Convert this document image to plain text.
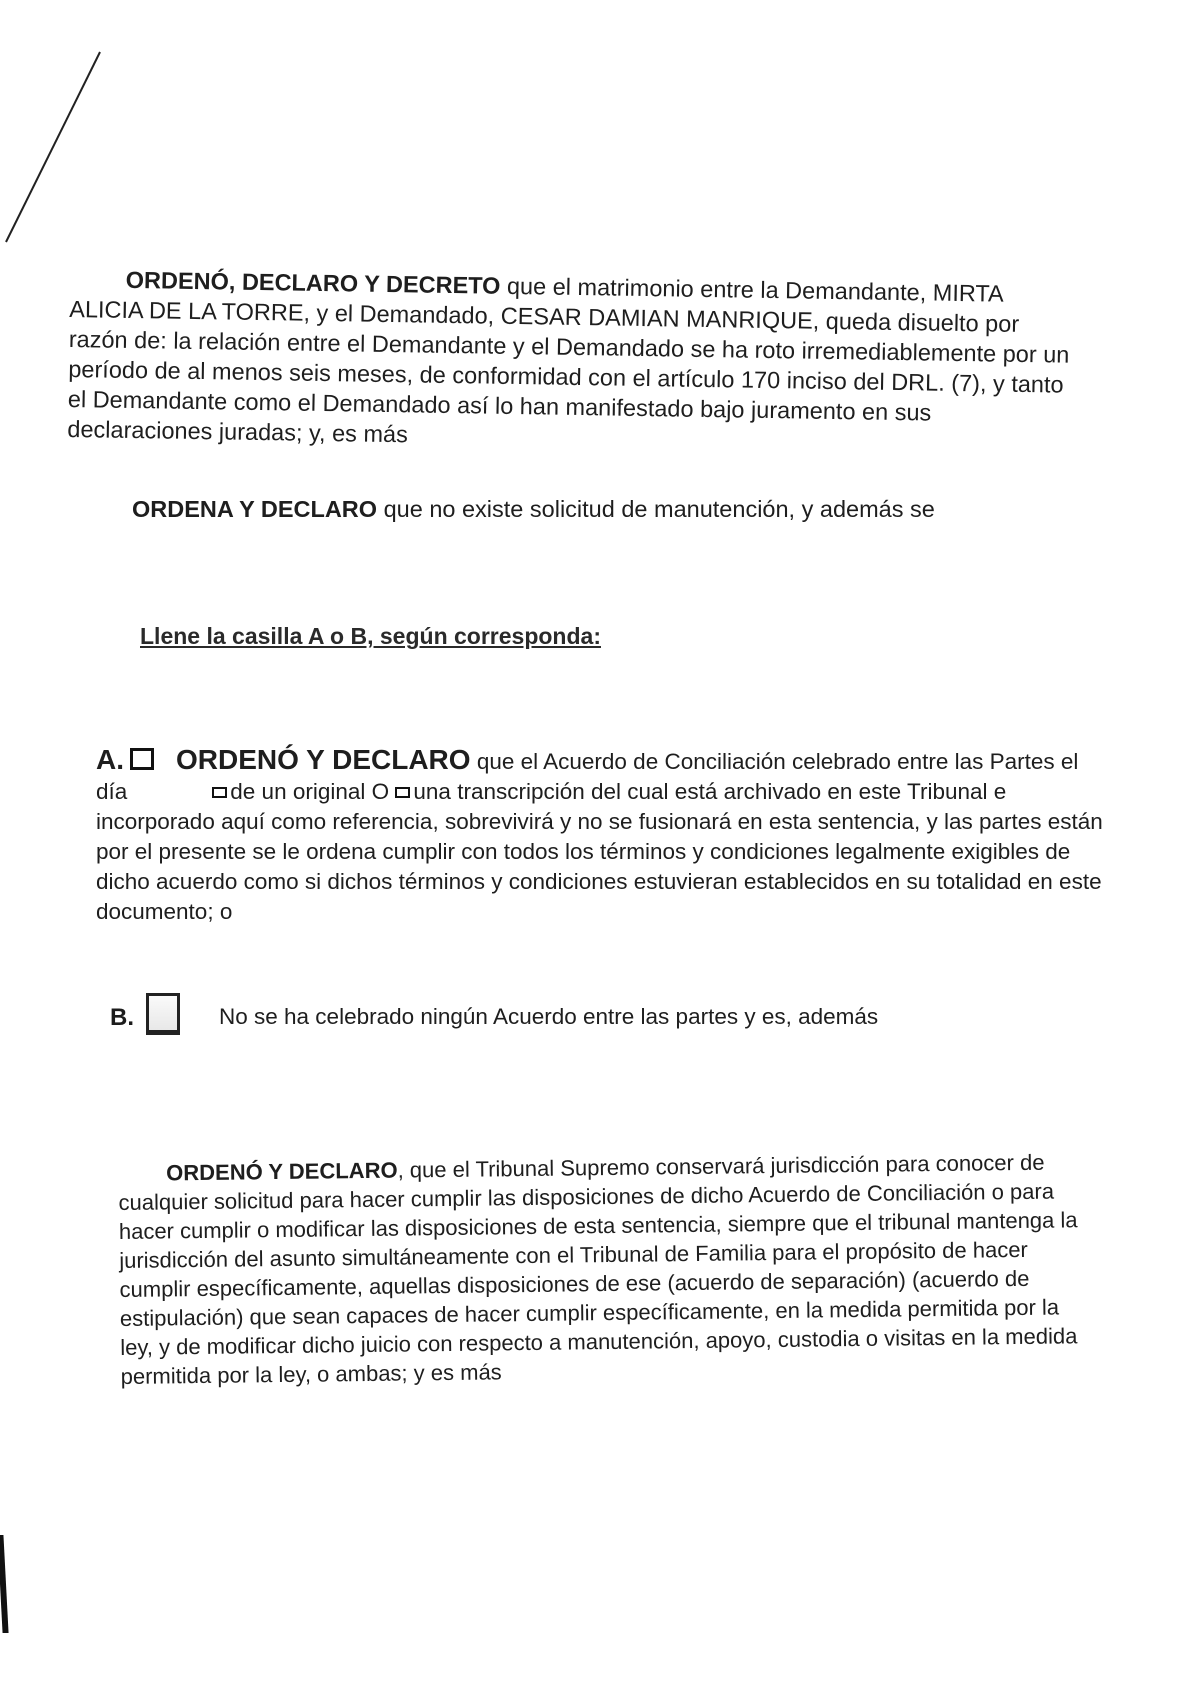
ORDENÓ, DECLARO Y DECRETO que el matrimonio entre la Demandante, MIRTA ALICIA DE LA TORRE, y el Demandado, CESAR DAMIAN MANRIQUE, queda disuelto por razón de: la relación entre el Demandante y el Demandado se ha roto irremediablemente por un período de al menos seis meses, de conformidad con el artículo 170 inciso del DRL. (7), y tanto el Demandante como el Demandado así lo han manifestado bajo juramento en sus declaraciones juradas; y, es más
ORDENA Y DECLARO que no existe solicitud de manutención, y además se
Llene la casilla A o B, según corresponda:
A. ORDENÓ Y DECLARO que el Acuerdo de Conciliación celebrado entre las Partes el día	de un original O una transcripción del cual está archivado en este Tribunal e incorporado aquí como referencia, sobrevivirá y no se fusionará en esta sentencia, y las partes están por el presente se le ordena cumplir con todos los términos y condiciones legalmente exigibles de dicho acuerdo como si dichos términos y condiciones estuvieran establecidos en su totalidad en este documento; o
B.	No se ha celebrado ningún Acuerdo entre las partes y es, además
ORDENÓ Y DECLARO, que el Tribunal Supremo conservará jurisdicción para conocer de cualquier solicitud para hacer cumplir las disposiciones de dicho Acuerdo de Conciliación o para hacer cumplir o modificar las disposiciones de esta sentencia, siempre que el tribunal mantenga la jurisdicción del asunto simultáneamente con el Tribunal de Familia para el propósito de hacer cumplir específicamente, aquellas disposiciones de ese (acuerdo de separación) (acuerdo de estipulación) que sean capaces de hacer cumplir específicamente, en la medida permitida por la ley, y de modificar dicho juicio con respecto a manutención, apoyo, custodia o visitas en la medida permitida por la ley, o ambas; y es más
